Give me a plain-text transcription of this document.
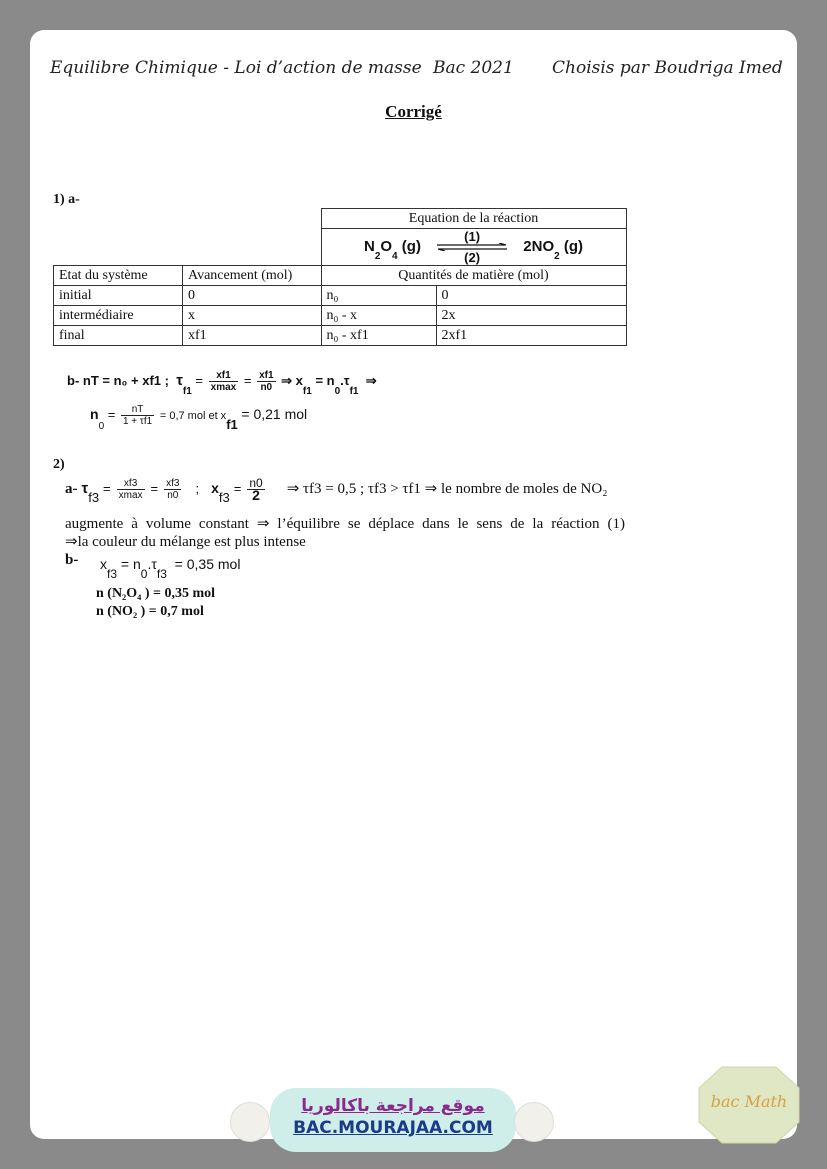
Equilibre Chimique - Loi d’action de masse Bac 2021 Choisis par Boudriga Imed
Corrigé
1) a-
		Equation de la réaction	
		$N_2O_4$ (g) (1)
(2) $2NO_2$ (g)	
Etat du système	Avancement (mol)	Quantités de matière (mol)	
initial	0	n₀	0
intermédiaire	x	n₀ - x	2x
final	xf1	n₀ - xf1	2xf1
b- nT = n₀ + xf1 ; $\tau_{f1} = \frac{xf1}{xmax} = \frac{xf1}{n0}$ ⇒ $x_{f1} = n_0.\tau_{f1}$  ⇒
$n_0 = \frac{nT}{1 + \tau f1} = 0,7$ mol et xf1 = 0,21 mol
2)
a- $\tau_{f3} = \frac{xf3}{xmax} = \frac{xf3}{n0}$ ; $x_{f3} = \frac{n0}{2}$ ⇒ τf3 = 0,5 ; τf3 > τf1 ⇒ le nombre de moles de NO₂
augmente à volume constant ⇒ l’équilibre se déplace dans le sens de la réaction (1)
⇒la couleur du mélange est plus intense
b- xf3 = n0.τf3  = 0,35 mol
n (N₂O₄ ) = 0,35 mol
n (NO₂ ) = 0,7 mol
موقع مراجعة باكالوريا
BAC.MOURAJAA.COM
bac Math
